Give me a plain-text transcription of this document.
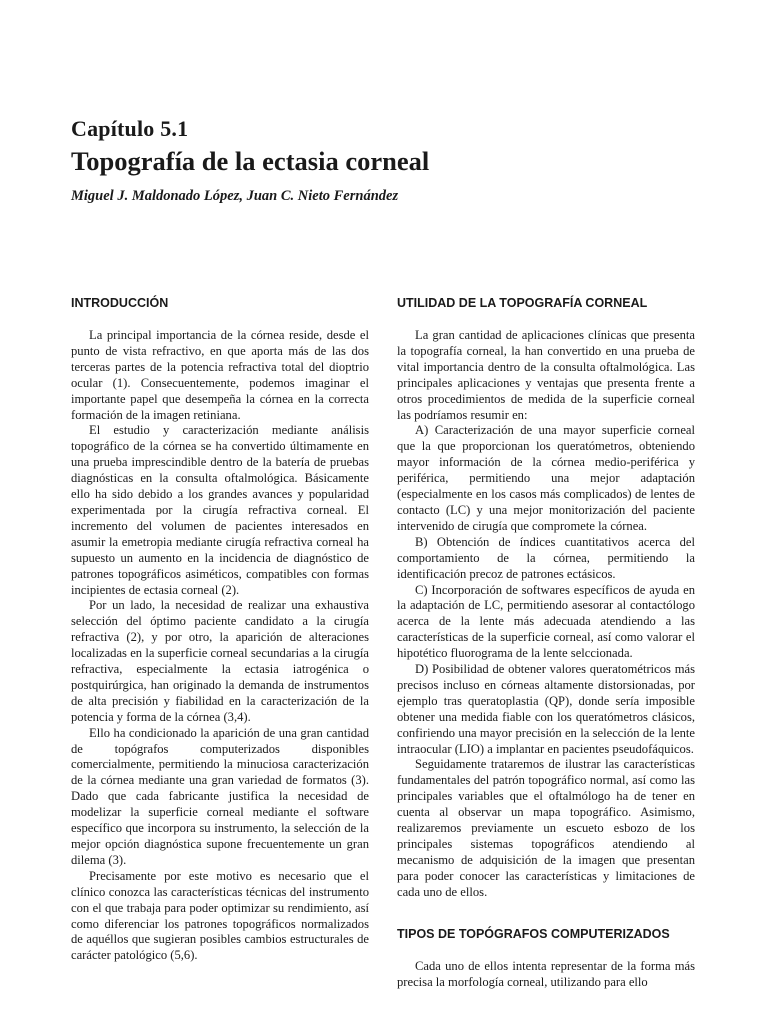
Capítulo 5.1
Topografía de la ectasia corneal
Miguel J. Maldonado López, Juan C. Nieto Fernández
INTRODUCCIÓN

La principal importancia de la córnea reside, desde el punto de vista refractivo, en que aporta más de las dos terceras partes de la potencia refractiva total del dioptrio ocular (1). Consecuentemente, podemos imaginar el importante papel que desempeña la córnea en la correcta formación de la imagen retiniana.

El estudio y caracterización mediante análisis topográfico de la córnea se ha convertido últimamente en una prueba imprescindible dentro de la batería de pruebas diagnósticas en la consulta oftalmológica. Básicamente ello ha sido debido a los grandes avances y popularidad experimentada por la cirugía refractiva corneal. El incremento del volumen de pacientes interesados en asumir la emetropia mediante cirugía refractiva corneal ha supuesto un aumento en la incidencia de diagnóstico de patrones topográficos asiméticos, compatibles con formas incipientes de ectasia corneal (2).

Por un lado, la necesidad de realizar una exhaustiva selección del óptimo paciente candidato a la cirugía refractiva (2), y por otro, la aparición de alteraciones localizadas en la superficie corneal secundarias a la cirugía refractiva, especialmente la ectasia iatrogénica o postquirúrgica, han originado la demanda de instrumentos de alta precisión y fiabilidad en la caracterización de la potencia y forma de la córnea (3,4).

Ello ha condicionado la aparición de una gran cantidad de topógrafos computerizados disponibles comercialmente, permitiendo la minuciosa caracterización de la córnea mediante una gran variedad de formatos (3). Dado que cada fabricante justifica la necesidad de modelizar la superficie corneal mediante el software específico que incorpora su instrumento, la selección de la mejor opción diagnóstica supone frecuentemente un gran dilema (3).

Precisamente por este motivo es necesario que el clínico conozca las características técnicas del instrumento con el que trabaja para poder optimizar su rendimiento, así como diferenciar los patrones topográficos normalizados de aquéllos que sugieran posibles cambios estructurales de carácter patológico (5,6).

UTILIDAD DE LA TOPOGRAFÍA CORNEAL

La gran cantidad de aplicaciones clínicas que presenta la topografía corneal, la han convertido en una prueba de vital importancia dentro de la consulta oftalmológica. Las principales aplicaciones y ventajas que presenta frente a otros procedimientos de medida de la superficie corneal las podríamos resumir en:

A) Caracterización de una mayor superficie corneal que la que proporcionan los queratómetros, obteniendo mayor información de la córnea medio-periférica y periférica, permitiendo una mejor adaptación (especialmente en los casos más complicados) de lentes de contacto (LC) y una mejor monitorización del paciente intervenido de cirugía que compromete la córnea.

B) Obtención de índices cuantitativos acerca del comportamiento de la córnea, permitiendo la identificación precoz de patrones ectásicos.

C) Incorporación de softwares específicos de ayuda en la adaptación de LC, permitiendo asesorar al contactólogo acerca de la lente más adecuada atendiendo a las características de la superficie corneal, así como valorar el hipotético fluorograma de la lente selccionada.

D) Posibilidad de obtener valores queratométricos más precisos incluso en córneas altamente distorsionadas, por ejemplo tras queratoplastia (QP), donde sería imposible obtener una medida fiable con los queratómetros clásicos, confiriendo una mayor precisión en la selección de la lente intraocular (LIO) a implantar en pacientes pseudofáquicos.

Seguidamente trataremos de ilustrar las características fundamentales del patrón topográfico normal, así como las principales variables que el oftalmólogo ha de tener en cuenta al observar un mapa topográfico. Asimismo, realizaremos previamente un escueto esbozo de los principales sistemas topográficos atendiendo al mecanismo de adquisición de la imagen que presentan para poder conocer las características y limitaciones de cada uno de ellos.

TIPOS DE TOPÓGRAFOS COMPUTERIZADOS

Cada uno de ellos intenta representar de la forma más precisa la morfología corneal, utilizando para ello
